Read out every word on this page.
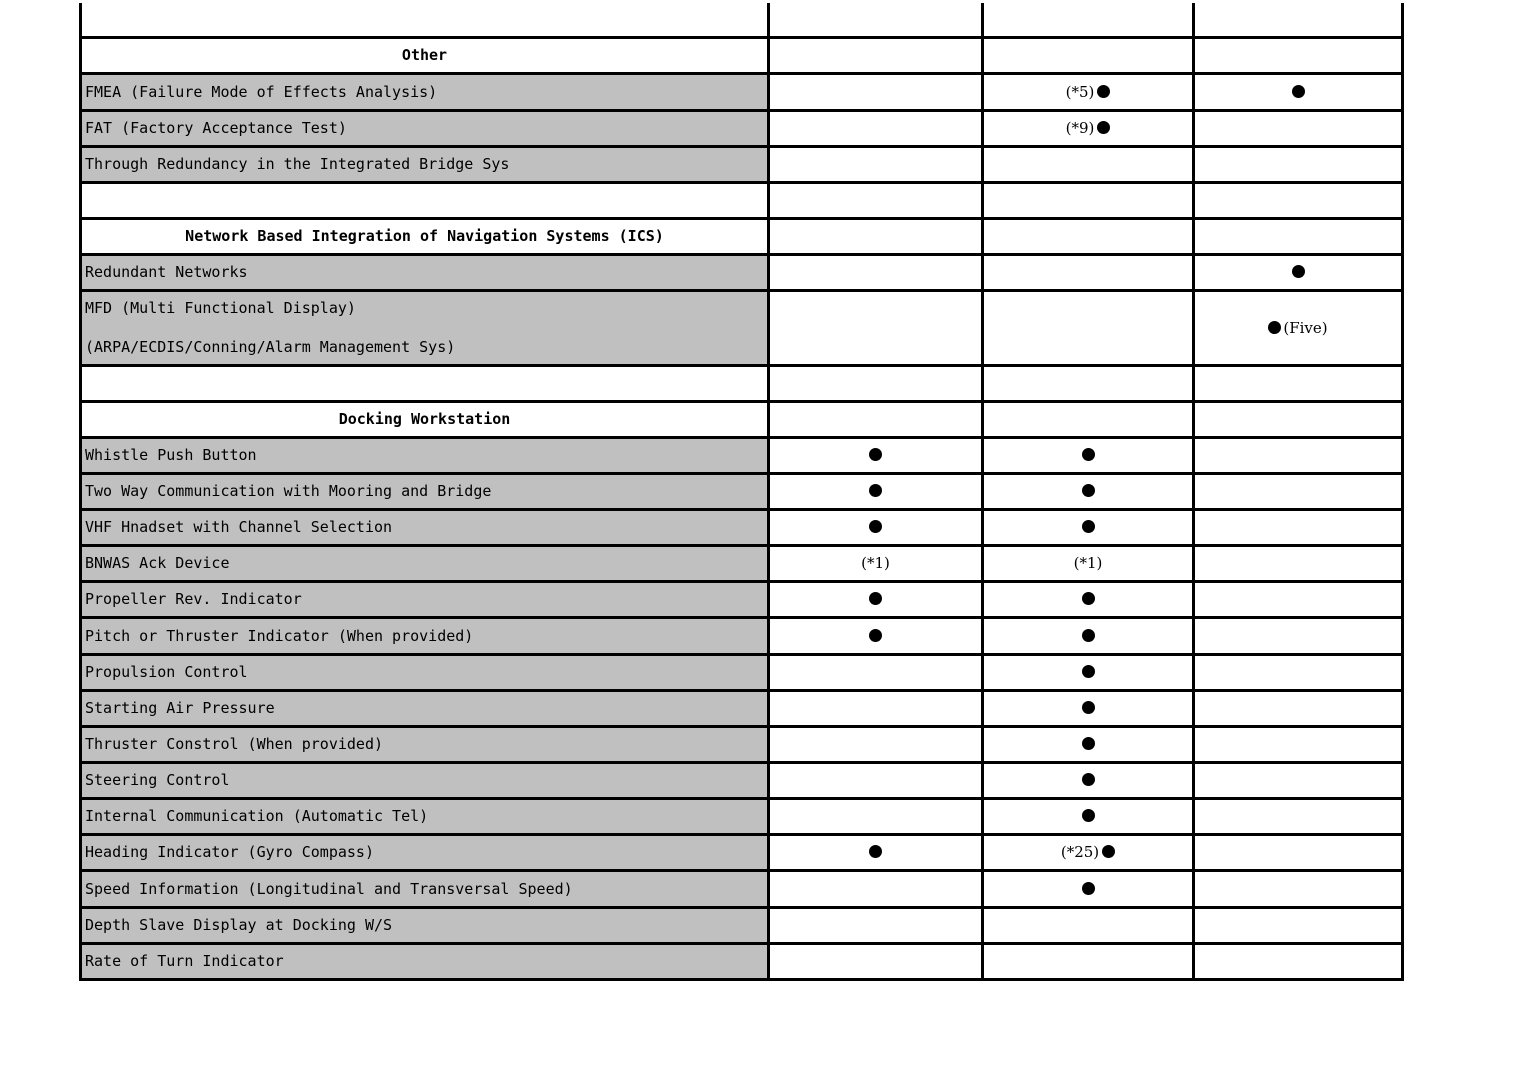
Other			
FMEA (Failure Mode of Effects Analysis)		(*5)	
FAT (Factory Acceptance Test)		(*9)	
Through Redundancy in the Integrated Bridge Sys			

Network Based Integration of Navigation Systems (ICS)			
Redundant Networks			

MFD (Multi Functional Display)
(ARPA/ECDIS/Conning/Alarm Management Sys)			(Five)

Docking Workstation			
Whistle Push Button			
Two Way Communication with Mooring and Bridge			
VHF Hnadset with Channel Selection			
BNWAS Ack Device	(*1)	(*1)	
Propeller Rev. Indicator			
Pitch or Thruster Indicator (When provided)			
Propulsion Control			
Starting Air Pressure			
Thruster Constrol (When provided)			
Steering Control			
Internal Communication (Automatic Tel)			
Heading Indicator (Gyro Compass)		(*25)	
Speed Information (Longitudinal and Transversal Speed)			
Depth Slave Display at Docking W/S			
Rate of Turn Indicator			
